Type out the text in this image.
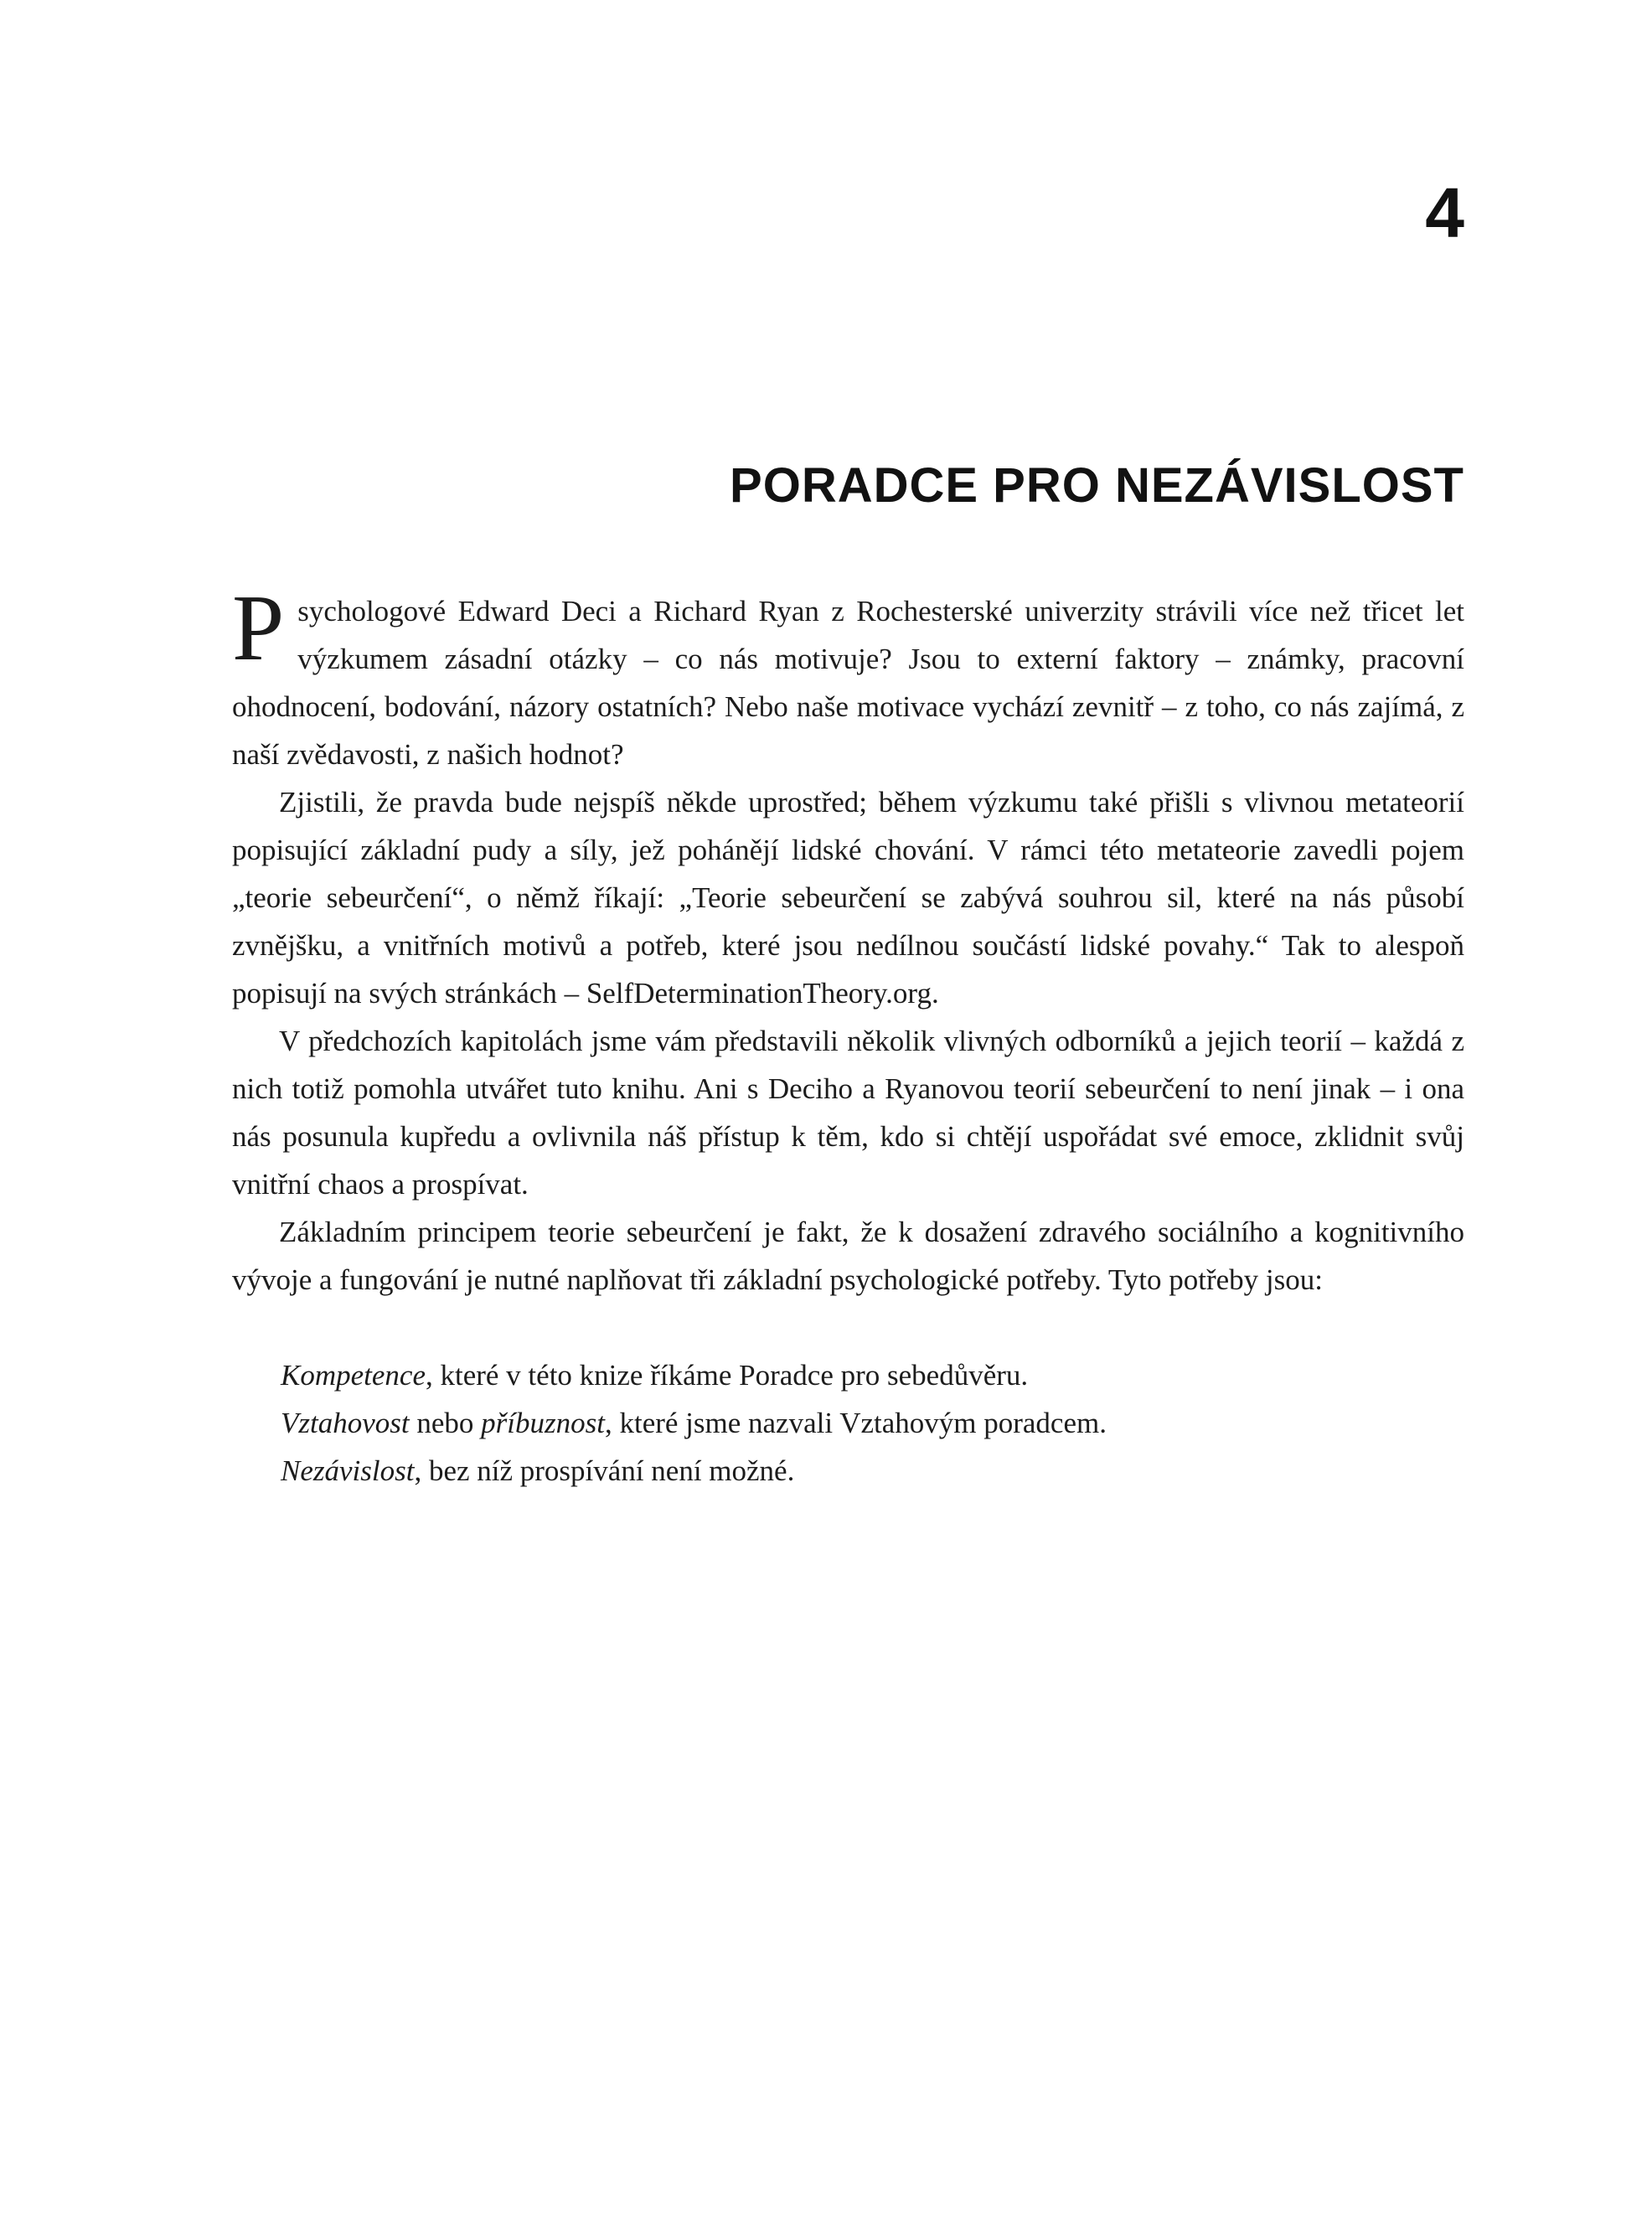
4
PORADCE PRO NEZÁVISLOST

Psychologové Edward Deci a Richard Ryan z Rochesterské univerzity strávili více než třicet let výzkumem zásadní otázky – co nás motivuje? Jsou to externí faktory – známky, pracovní ohodnocení, bodování, názory ostatních? Nebo naše motivace vychází zevnitř – z toho, co nás zajímá, z naší zvědavosti, z našich hodnot?

Zjistili, že pravda bude nejspíš někde uprostřed; během výzkumu také přišli s vlivnou metateorií popisující základní pudy a síly, jež pohánějí lidské chování. V rámci této metateorie zavedli pojem „teorie sebeurčení“, o němž říkají: „Teorie sebeurčení se zabývá souhrou sil, které na nás působí zvnějšku, a vnitřních motivů a potřeb, které jsou nedílnou součástí lidské povahy.“ Tak to alespoň popisují na svých stránkách – SelfDeterminationTheory.org.

V předchozích kapitolách jsme vám představili několik vlivných odborníků a jejich teorií – každá z nich totiž pomohla utvářet tuto knihu. Ani s Deciho a Ryanovou teorií sebeurčení to není jinak – i ona nás posunula kupředu a ovlivnila náš přístup k těm, kdo si chtějí uspořádat své emoce, zklidnit svůj vnitřní chaos a prospívat.

Základním principem teorie sebeurčení je fakt, že k dosažení zdravého sociálního a kognitivního vývoje a fungování je nutné naplňovat tři základní psychologické potřeby. Tyto potřeby jsou:

Kompetence, které v této knize říkáme Poradce pro sebedůvěru.

Vztahovost nebo příbuznost, které jsme nazvali Vztahovým poradcem.

Nezávislost, bez níž prospívání není možné.
